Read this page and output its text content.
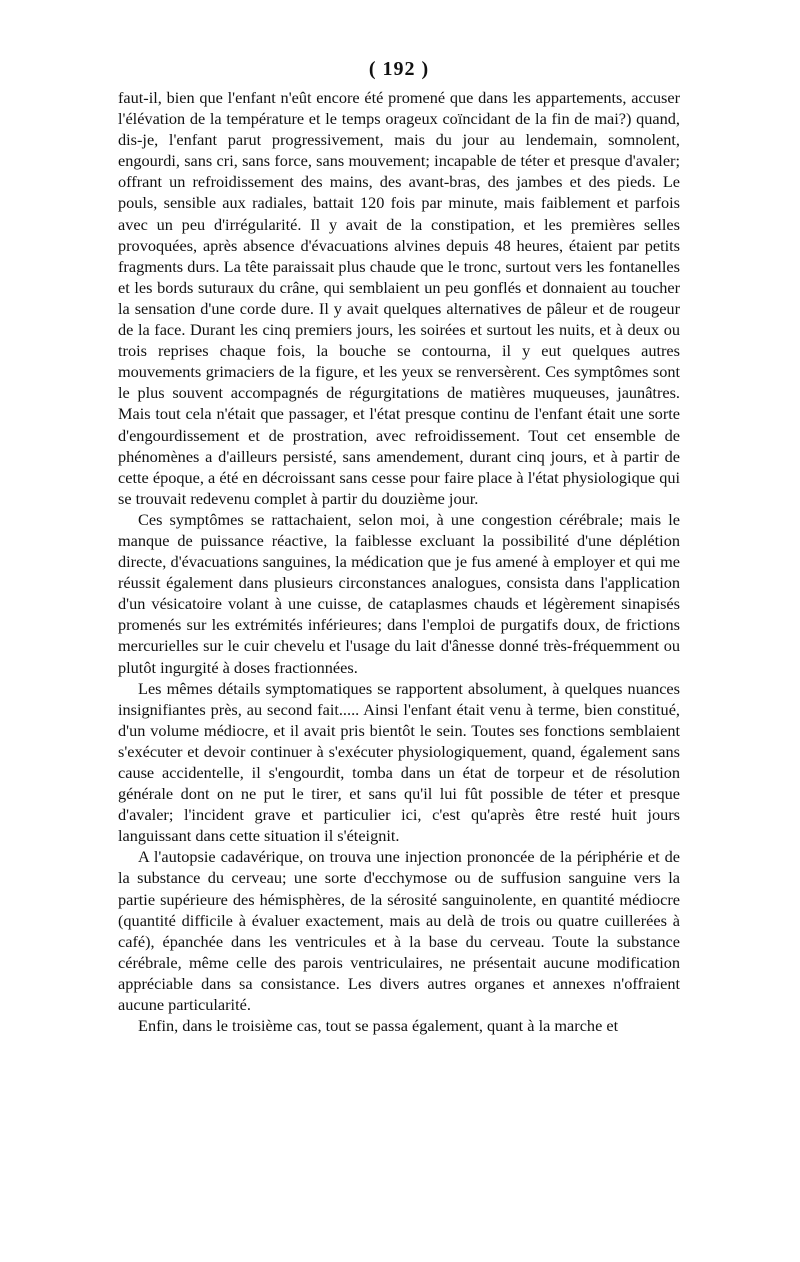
( 192 )

faut-il, bien que l'enfant n'eût encore été promené que dans les appartements, accuser l'élévation de la température et le temps orageux coïncidant de la fin de mai?) quand, dis-je, l'enfant parut progressivement, mais du jour au lendemain, somnolent, engourdi, sans cri, sans force, sans mouvement; incapable de téter et presque d'avaler; offrant un refroidissement des mains, des avant-bras, des jambes et des pieds. Le pouls, sensible aux radiales, battait 120 fois par minute, mais faiblement et parfois avec un peu d'irrégularité. Il y avait de la constipation, et les premières selles provoquées, après absence d'évacuations alvines depuis 48 heures, étaient par petits fragments durs. La tête paraissait plus chaude que le tronc, surtout vers les fontanelles et les bords suturaux du crâne, qui semblaient un peu gonflés et donnaient au toucher la sensation d'une corde dure. Il y avait quelques alternatives de pâleur et de rougeur de la face. Durant les cinq premiers jours, les soirées et surtout les nuits, et à deux ou trois reprises chaque fois, la bouche se contourna, il y eut quelques autres mouvements grimaciers de la figure, et les yeux se renversèrent. Ces symptômes sont le plus souvent accompagnés de régurgitations de matières muqueuses, jaunâtres. Mais tout cela n'était que passager, et l'état presque continu de l'enfant était une sorte d'engourdissement et de prostration, avec refroidissement. Tout cet ensemble de phénomènes a d'ailleurs persisté, sans amendement, durant cinq jours, et à partir de cette époque, a été en décroissant sans cesse pour faire place à l'état physiologique qui se trouvait redevenu complet à partir du douzième jour.

Ces symptômes se rattachaient, selon moi, à une congestion cérébrale; mais le manque de puissance réactive, la faiblesse excluant la possibilité d'une déplétion directe, d'évacuations sanguines, la médication que je fus amené à employer et qui me réussit également dans plusieurs circonstances analogues, consista dans l'application d'un vésicatoire volant à une cuisse, de cataplasmes chauds et légèrement sinapisés promenés sur les extrémités inférieures; dans l'emploi de purgatifs doux, de frictions mercurielles sur le cuir chevelu et l'usage du lait d'ânesse donné très-fréquemment ou plutôt ingurgité à doses fractionnées.

Les mêmes détails symptomatiques se rapportent absolument, à quelques nuances insignifiantes près, au second fait..... Ainsi l'enfant était venu à terme, bien constitué, d'un volume médiocre, et il avait pris bientôt le sein. Toutes ses fonctions semblaient s'exécuter et devoir continuer à s'exécuter physiologiquement, quand, également sans cause accidentelle, il s'engourdit, tomba dans un état de torpeur et de résolution générale dont on ne put le tirer, et sans qu'il lui fût possible de téter et presque d'avaler; l'incident grave et particulier ici, c'est qu'après être resté huit jours languissant dans cette situation il s'éteignit.

A l'autopsie cadavérique, on trouva une injection prononcée de la périphérie et de la substance du cerveau; une sorte d'ecchymose ou de suffusion sanguine vers la partie supérieure des hémisphères, de la sérosité sanguinolente, en quantité médiocre (quantité difficile à évaluer exactement, mais au delà de trois ou quatre cuillerées à café), épanchée dans les ventricules et à la base du cerveau. Toute la substance cérébrale, même celle des parois ventriculaires, ne présentait aucune modification appréciable dans sa consistance. Les divers autres organes et annexes n'offraient aucune particularité.

Enfin, dans le troisième cas, tout se passa également, quant à la marche et
